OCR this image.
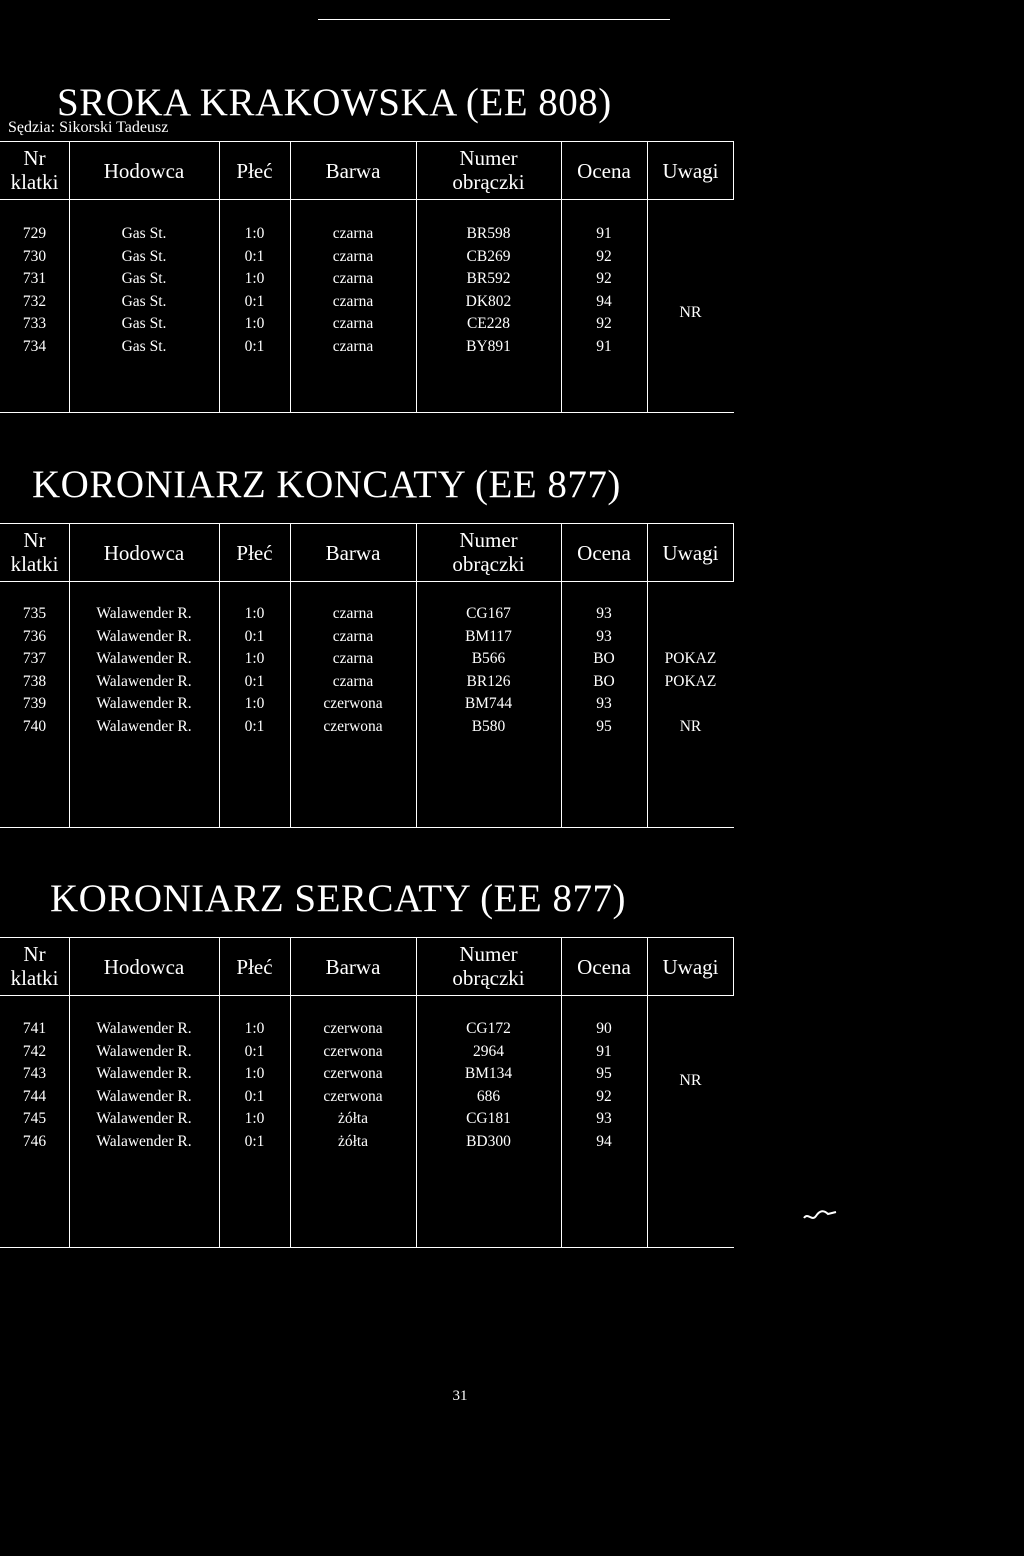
SROKA KRAKOWSKA (EE 808)
Sędzia: Sikorski Tadeusz
Nr
klatki	Hodowca	Płeć	Barwa
Numer
obrączki	Ocena	Uwagi
729	Gas St.	1:0	czarna	BR598	91
730	Gas St.	0:1	czarna	CB269	92
731	Gas St.	1:0	czarna	BR592	92
732	Gas St.	0:1	czarna	DK802	94
733	Gas St.	1:0	czarna	CE228	92
734	Gas St.	0:1	czarna	BY891	91
NR
KORONIARZ KONCATY (EE 877)
Nr
klatki	Hodowca	Płeć	Barwa
Numer
obrączki	Ocena	Uwagi
735	Walawender R.	1:0	czarna	CG167	93
736	Walawender R.	0:1	czarna	BM117	93
737	Walawender R.	1:0	czarna	B566	BO	POKAZ
738	Walawender R.	0:1	czarna	BR126	BO	POKAZ
739	Walawender R.	1:0	czerwona	BM744	93
740	Walawender R.	0:1	czerwona	B580	95	NR
KORONIARZ SERCATY (EE 877)
Nr
klatki	Hodowca	Płeć	Barwa
Numer
obrączki	Ocena	Uwagi
741	Walawender R.	1:0	czerwona	CG172	90
742	Walawender R.	0:1	czerwona	2964	91
743	Walawender R.	1:0	czerwona	BM134	95
744	Walawender R.	0:1	czerwona	686	92
745	Walawender R.	1:0	żółta	CG181	93
746	Walawender R.	0:1	żółta	BD300	94
NR
31
